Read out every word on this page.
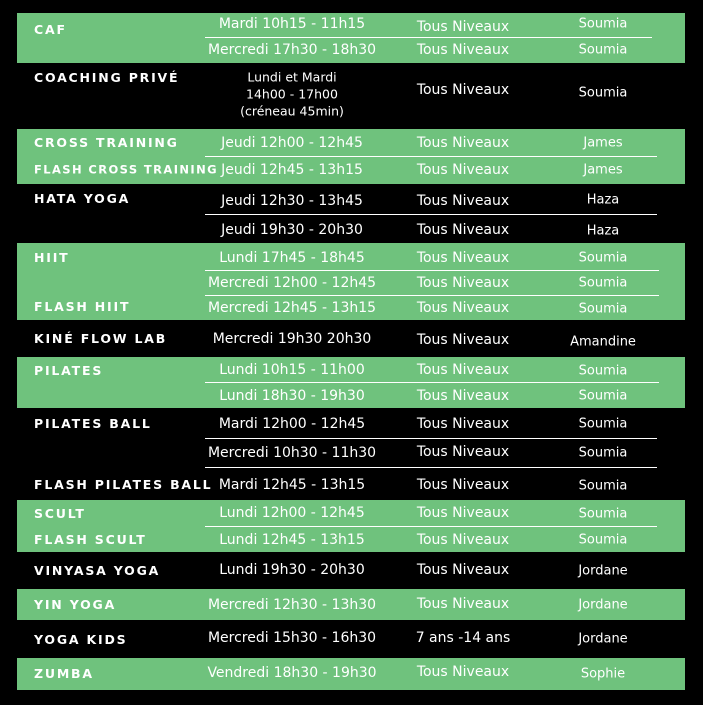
CAF
COACHING PRIVÉ
CROSS TRAINING
FLASH CROSS TRAINING
HATA YOGA
HIIT
FLASH HIIT
KINÉ FLOW LAB
PILATES
PILATES BALL
FLASH PILATES BALL
SCULT
FLASH SCULT
VINYASA YOGA
YIN YOGA
YOGA KIDS
ZUMBA
Mardi 10h15 - 11h15
Mercredi 17h30 - 18h30
Lundi et Mardi
14h00 - 17h00
(créneau 45min)
Jeudi 12h00 - 12h45
Jeudi 12h45 - 13h15
Jeudi 12h30 - 13h45
Jeudi 19h30 - 20h30
Lundi 17h45 - 18h45
Mercredi 12h00 - 12h45
Mercredi 12h45 - 13h15
Mercredi 19h30 20h30
Lundi 10h15 - 11h00
Lundi 18h30 - 19h30
Mardi 12h00 - 12h45
Mercredi 10h30 - 11h30
Mardi 12h45 - 13h15
Lundi 12h00 - 12h45
Lundi 12h45 - 13h15
Lundi 19h30 - 20h30
Mercredi 12h30 - 13h30
Mercredi 15h30 - 16h30
Vendredi 18h30 - 19h30
Tous Niveaux
Tous Niveaux
Tous Niveaux
Tous Niveaux
Tous Niveaux
Tous Niveaux
Tous Niveaux
Tous Niveaux
Tous Niveaux
Tous Niveaux
Tous Niveaux
Tous Niveaux
Tous Niveaux
Tous Niveaux
Tous Niveaux
Tous Niveaux
Tous Niveaux
Tous Niveaux
Tous Niveaux
Tous Niveaux
7 ans -14 ans
Tous Niveaux
Soumia
Soumia
Soumia
James
James
Haza
Haza
Soumia
Soumia
Soumia
Amandine
Soumia
Soumia
Soumia
Soumia
Soumia
Soumia
Soumia
Jordane
Jordane
Jordane
Sophie
